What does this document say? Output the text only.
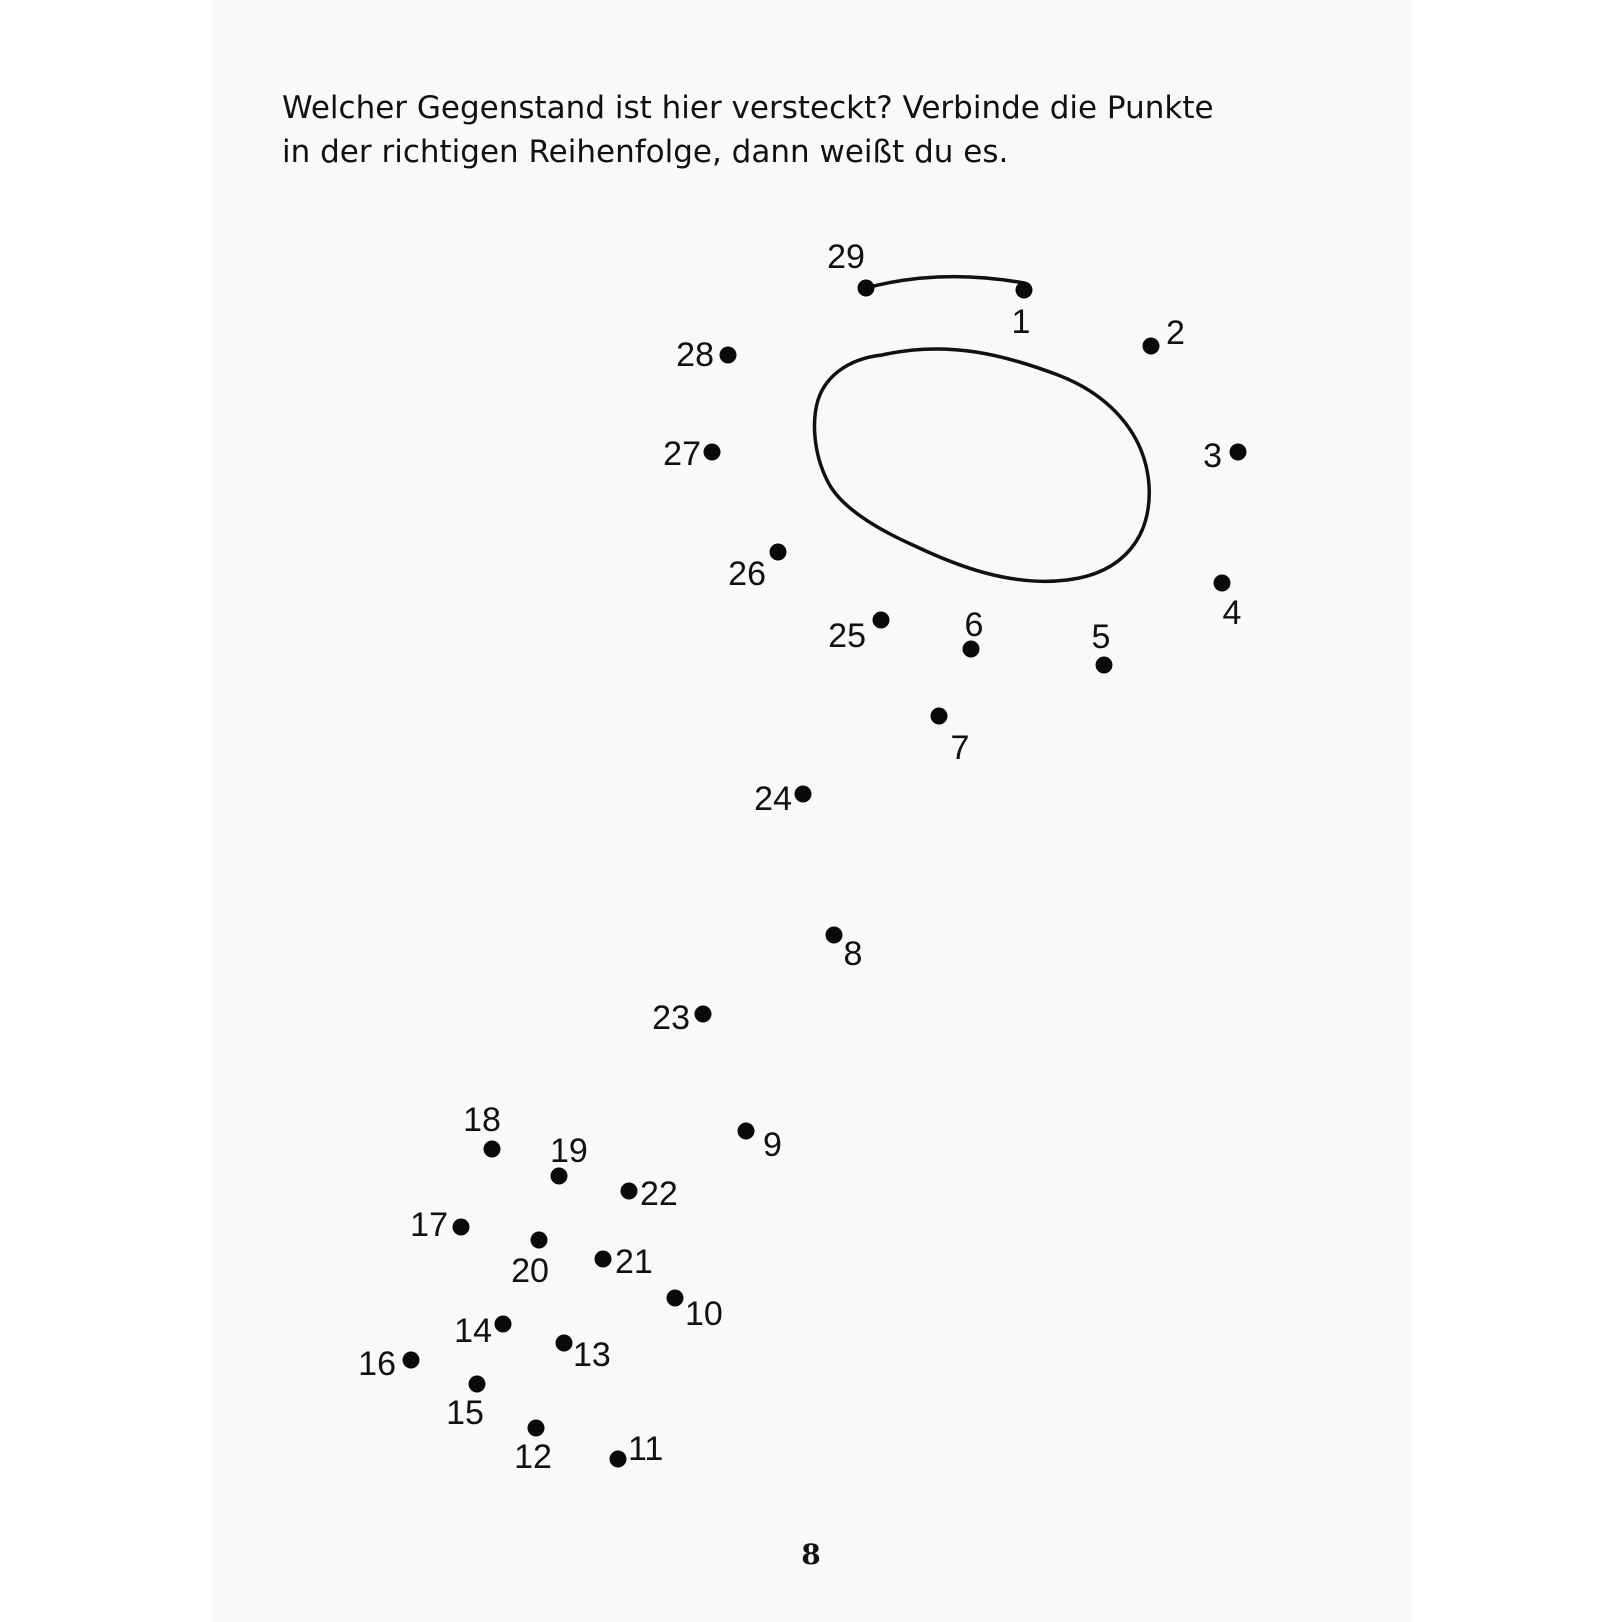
Welcher Gegenstand ist hier versteckt? Verbinde die Punkte
in der richtigen Reihenfolge, dann weißt du es.
1	2
3
4
5
6
7
8
9
10
11
12
13
14
15
16
17
18
19
20 21
22
23
24
25
26
27
28
29
8
